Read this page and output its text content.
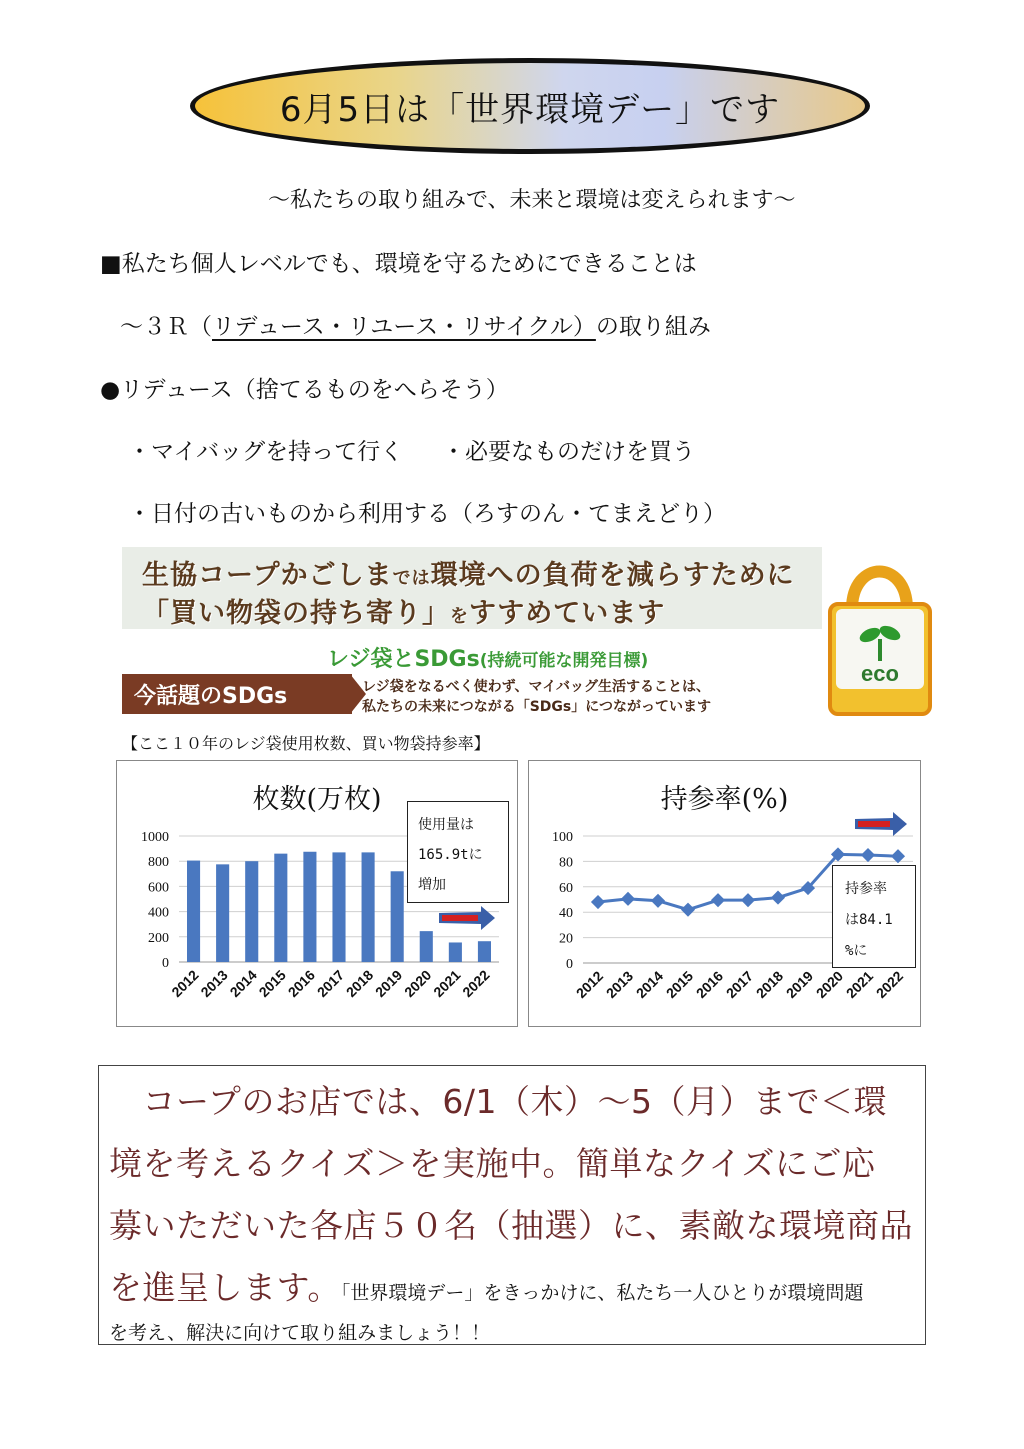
6月5日は「世界環境デー」です
～私たちの取り組みで、未来と環境は変えられます～
■私たち個人レベルでも、環境を守るためにできることは
～３Ｒ（リデュース・リユース・リサイクル）の取り組み
●リデュース（捨てるものをへらそう）
・マイバッグを持って行く ・必要なものだけを買う
・日付の古いものから利用する（ろすのん・てまえどり）
生協コープかごしまでは環境への負荷を減らすために
「買い物袋の持ち寄り」をすすめています
レジ袋とSDGs(持続可能な開発目標)
今話題のSDGs	レジ袋をなるべく使わず、マイバッグ生活することは、
私たちの未来につながる「SDGs」につながっています
eco
【ここ１０年のレジ袋使用枚数、買い物袋持参率】
枚数(万枚)
1000
800
600
400
200
0
2012
2013
2014
2015
2016
2017
2018
2019
2020
2021
2022
使用量は
165.9tに
増加
持参率(%)
100
80
60
40
20
0
2012
2013
2014
2015
2016
2017
2018
2019
2020
2021
2022
持参率
は84.1
%に
　コープのお店では、6/1（木）～5（月）まで＜環
境を考えるクイズ＞を実施中。簡単なクイズにご応
募いただいた各店５０名（抽選）に、素敵な環境商品
を進呈します。「世界環境デー」をきっかけに、私たち一人ひとりが環境問題
を考え、解決に向けて取り組みましょう！！
